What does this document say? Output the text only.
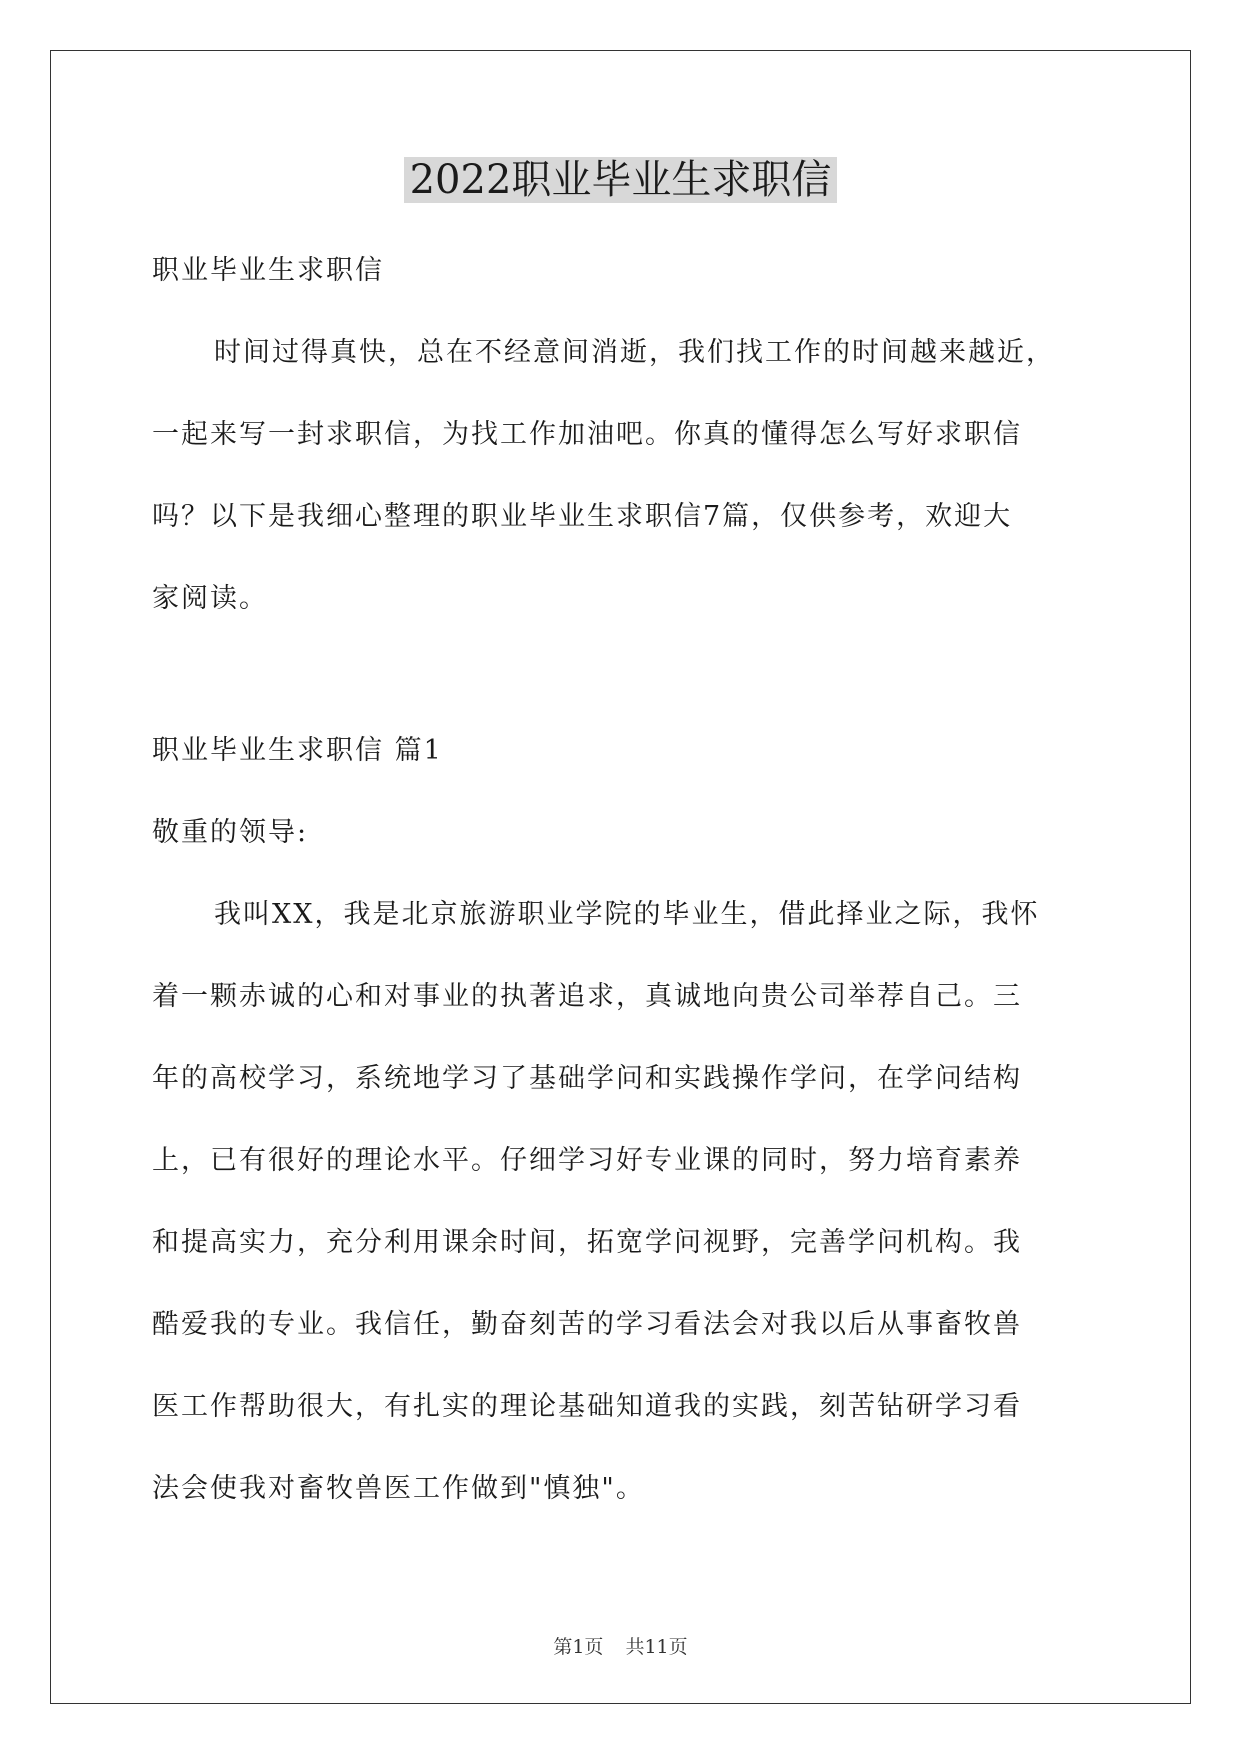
2022职业毕业生求职信
职业毕业生求职信
时间过得真快，总在不经意间消逝，我们找工作的时间越来越近，
一起来写一封求职信，为找工作加油吧。你真的懂得怎么写好求职信
吗？以下是我细心整理的职业毕业生求职信7篇，仅供参考，欢迎大
家阅读。
职业毕业生求职信 篇1
敬重的领导:
我叫XX，我是北京旅游职业学院的毕业生，借此择业之际，我怀
着一颗赤诚的心和对事业的执著追求，真诚地向贵公司举荐自己。三
年的高校学习，系统地学习了基础学问和实践操作学问，在学问结构
上，已有很好的理论水平。仔细学习好专业课的同时，努力培育素养
和提高实力，充分利用课余时间，拓宽学问视野，完善学问机构。我
酷爱我的专业。我信任，勤奋刻苦的学习看法会对我以后从事畜牧兽
医工作帮助很大，有扎实的理论基础知道我的实践，刻苦钻研学习看
法会使我对畜牧兽医工作做到"慎独"。
第1页 共11页
